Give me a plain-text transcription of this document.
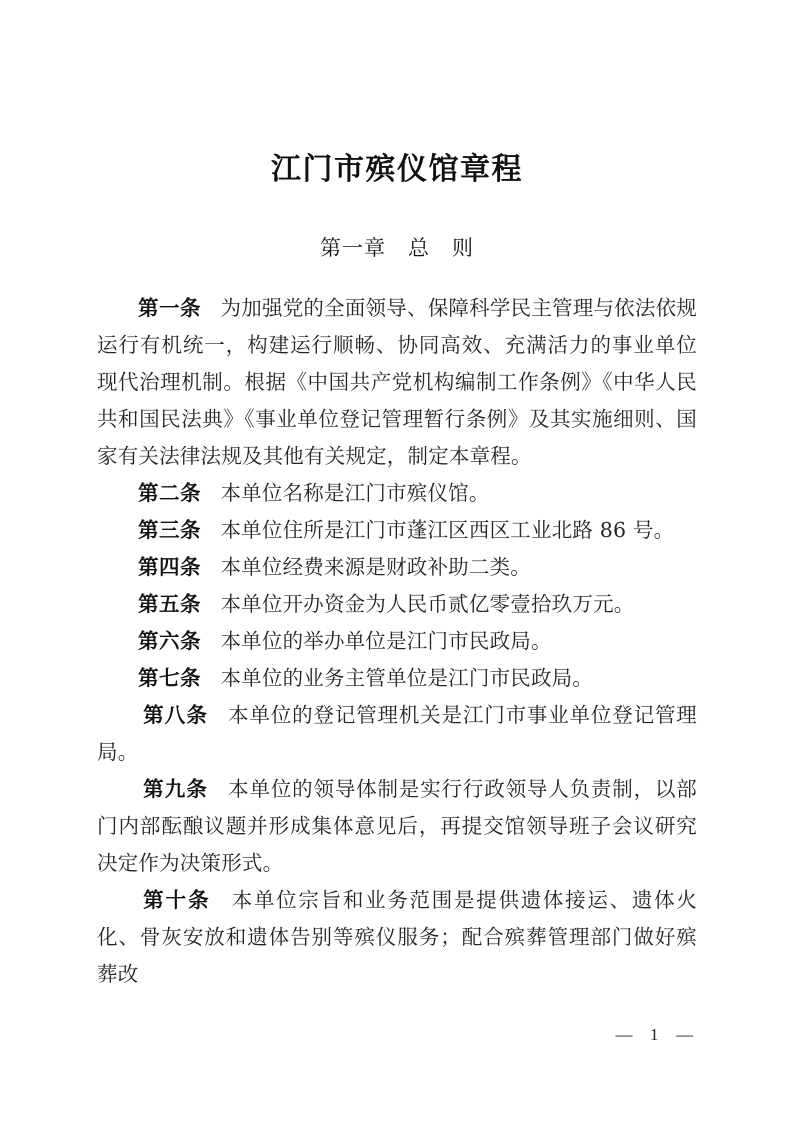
江门市殡仪馆章程
第一章　总　则

第一条 为加强党的全面领导、保障科学民主管理与依法依规运行有机统一，构建运行顺畅、协同高效、充满活力的事业单位现代治理机制。根据《中国共产党机构编制工作条例》《中华人民共和国民法典》《事业单位登记管理暂行条例》及其实施细则、国家有关法律法规及其他有关规定，制定本章程。

第二条 本单位名称是江门市殡仪馆。

第三条 本单位住所是江门市蓬江区西区工业北路 86 号。

第四条 本单位经费来源是财政补助二类。

第五条 本单位开办资金为人民币贰亿零壹拾玖万元。

第六条 本单位的举办单位是江门市民政局。

第七条 本单位的业务主管单位是江门市民政局。

第八条 本单位的登记管理机关是江门市事业单位登记管理局。

第九条 本单位的领导体制是实行行政领导人负责制，以部门内部酝酿议题并形成集体意见后，再提交馆领导班子会议研究决定作为决策形式。

第十条 本单位宗旨和业务范围是提供遗体接运、遗体火化、骨灰安放和遗体告别等殡仪服务；配合殡葬管理部门做好殡葬改

—  1  —
